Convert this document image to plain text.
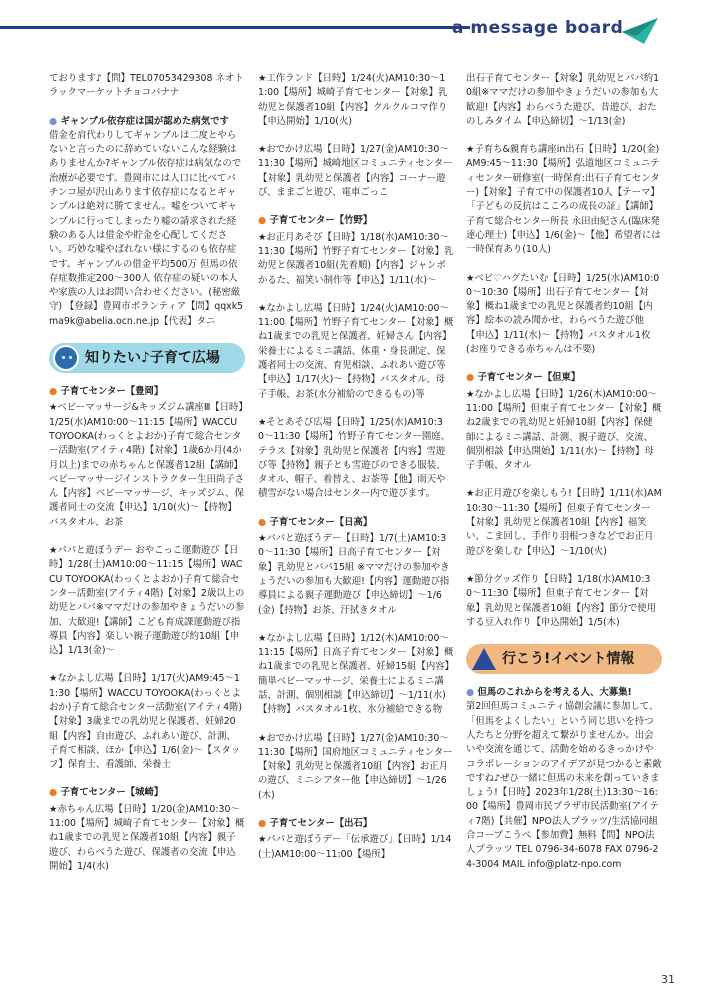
a message board
ております♪【問】TEL07053429308 ネオトラックマーケットチョコバナナ
● ギャンブル依存症は国が認めた病気です
借金を肩代わりしてギャンブルは二度とやらないと言ったのに辞めていないこんな経験はありませんか?ギャンブル依存症は病気なので治療が必要です。豊岡市には人口に比べてパチンコ屋が沢山あります依存症になるとギャンブルは絶対に勝てません。嘘をついてギャンブルに行ってしまったり嘘の請求された経験のある人は借金や貯金を心配してください。巧妙な嘘やばれない様にするのも依存症です。ギャンブルの借金平均500万 但馬の依存症数推定200〜300人 依存症の疑いの本人や家族の人はお問い合わせください。(秘密厳守) 【登録】豊岡市ボランティア【問】qqxk5ma9k@abelia.ocn.ne.jp【代表】タニ
知りたい♪子育て広場
● 子育てセンター【豊岡】
★ベビーマッサージ&キッズジム講座Ⅲ【日時】1/25(水)AM10:00〜11:15【場所】WACCU TOYOOKA(わっくとよおか)子育て総合センター活動室(アイティ4階)【対象】1歳6か月(4か月以上)までの赤ちゃんと保護者12組【講師】ベビーマッサージインストラクター生田尚子さん【内容】ベビーマッサージ、キッズジム、保護者同士の交流【申込】1/10(火)〜【持物】バスタオル、お茶
★パパと遊ぼうデー おやこっこ運動遊び【日時】1/28(土)AM10:00〜11:15【場所】WACCU TOYOOKA(わっくとよおか)子育て総合センター活動室(アイティ4階)【対象】2歳以上の幼児とパパ※ママだけの参加やきょうだいの参加、大歓迎!【講師】こども育成課運動遊び指導員【内容】楽しい親子運動遊び約10組【申込】1/13(金)〜
★なかよし広場【日時】1/17(火)AM9:45〜11:30【場所】WACCU TOYOOKA(わっくとよおか)子育て総合センター活動室(アイティ4階)【対象】3歳までの乳幼児と保護者、妊婦20組【内容】自由遊び、ふれあい遊び、計測、子育て相談、ほか【申込】1/6(金)〜【スタッフ】保育士、看護師、栄養士
● 子育てセンター【城崎】
★赤ちゃん広場【日時】1/20(金)AM10:30〜11:00【場所】城崎子育てセンター【対象】概ね1歳までの乳児と保護者10組【内容】親子遊び、わらべうた遊び、保護者の交流【申込開始】1/4(水)
★工作ランド【日時】1/24(火)AM10:30〜11:00【場所】城崎子育てセンター【対象】乳幼児と保護者10組【内容】クルクルコマ作り【申込開始】1/10(火)
★おでかけ広場【日時】1/27(金)AM10:30〜11:30【場所】城崎地区コミュニティセンター【対象】乳幼児と保護者【内容】コーナー遊び、ままごと遊び、電車ごっこ
● 子育てセンター【竹野】
★お正月あそび【日時】1/18(水)AM10:30〜11:30【場所】竹野子育てセンター【対象】乳幼児と保護者10組(先着順)【内容】ジャンボかるた、福笑い制作等【申込】1/11(水)〜
★なかよし広場【日時】1/24(火)AM10:00〜11:00【場所】竹野子育てセンター【対象】概ね1歳までの乳児と保護者、妊婦さん【内容】栄養士によるミニ講話、体重・身長測定、保護者同士の交流、育児相談、ふれあい遊び等【申込】1/17(火)〜【持物】バスタオル、母子手帳、お茶(水分補給のできるもの)等
★そとあそび広場【日時】1/25(水)AM10:30〜11:30【場所】竹野子育てセンター園庭、テラス【対象】乳幼児と保護者【内容】雪遊び等【持物】親子とも雪遊びのできる服装、タオル、帽子、着替え、お茶等【他】雨天や積雪がない場合はセンター内で遊びます。
● 子育てセンター【日高】
★パパと遊ぼうデー【日時】1/7(土)AM10:30〜11:30【場所】日高子育てセンター【対象】乳幼児とパパ15組 ※ママだけの参加やきょうだいの参加も大歓迎!【内容】運動遊び指導員による親子運動遊び【申込締切】〜1/6(金)【持物】お茶、汗拭きタオル
★なかよし広場【日時】1/12(木)AM10:00〜11:15【場所】日高子育てセンター【対象】概ね1歳までの乳児と保護者、妊婦15組【内容】簡単ベビーマッサージ、栄養士によるミニ講話、計測、個別相談【申込締切】〜1/11(水)【持物】バスタオル1枚、水分補給できる物
★おでかけ広場【日時】1/27(金)AM10:30〜11:30【場所】国府地区コミュニティセンター【対象】乳幼児と保護者10組【内容】お正月の遊び、ミニシアター他【申込締切】〜1/26(木)
● 子育てセンター【出石】
★パパと遊ぼうデー「伝承遊び」【日時】1/14(土)AM10:00〜11:00【場所】
出石子育てセンター【対象】乳幼児とパパ約10組※ママだけの参加やきょうだいの参加も大歓迎!【内容】わらべうた遊び、昔遊び、おたのしみタイム【申込締切】〜1/13(金)
★子育ち&親育ち講座in出石【日時】1/20(金)AM9:45〜11:30【場所】弘道地区コミュニティセンター研修室(一時保育:出石子育てセンター)【対象】子育て中の保護者10人【テーマ】「子どもの反抗はこころの成長の証」【講師】子育て総合センター所長 永田由紀さん(臨床発達心理士)【申込】1/6(金)〜【他】希望者には一時保育あり(10人)
★ベビ♡ハグたいむ【日時】1/25(水)AM10:00〜10:30【場所】出石子育てセンター【対象】概ね1歳までの乳児と保護者約10組【内容】絵本の読み聞かせ、わらべうた遊び他【申込】1/11(水)〜【持物】バスタオル1枚(お座りできる赤ちゃんは不要)
● 子育てセンター【但東】
★なかよし広場【日時】1/26(木)AM10:00〜11:00【場所】但東子育てセンター【対象】概ね2歳までの乳幼児と妊婦10組【内容】保健師によるミニ講話、計測、親子遊び、交流、個別相談【申込開始】1/11(水)〜【持物】母子手帳、タオル
★お正月遊びを楽しもう!【日時】1/11(水)AM10:30〜11:30【場所】但東子育てセンター【対象】乳幼児と保護者10組【内容】福笑い、こま回し、手作り羽根つきなどでお正月遊びを楽しむ【申込】〜1/10(火)
★節分グッズ作り【日時】1/18(水)AM10:30〜11:30【場所】但東子育てセンター【対象】乳幼児と保護者10組【内容】節分で使用する豆入れ作り【申込開始】1/5(木)
行こう!イベント情報
● 但馬のこれからを考える人、大募集!
第2回但馬コミュニティ協創会議に参加して、「但馬をよくしたい」という同じ思いを持つ人たちと分野を超えて繋がりませんか。出会いや交流を通じて、活動を始めるきっかけやコラボレーションのアイデアが見つかると素敵ですね♪ぜひ一緒に但馬の未来を創っていきましょう!【日時】2023年1/28(土)13:30〜16:00【場所】豊岡市民プラザ市民活動室(アイティ7階)【共催】NPO法人プラッツ/生活協同組合コープこうべ【参加費】無料【問】NPO法人プラッツ TEL 0796-34-6078 FAX 0796-24-3004 MAIL info@platz-npo.com
31
